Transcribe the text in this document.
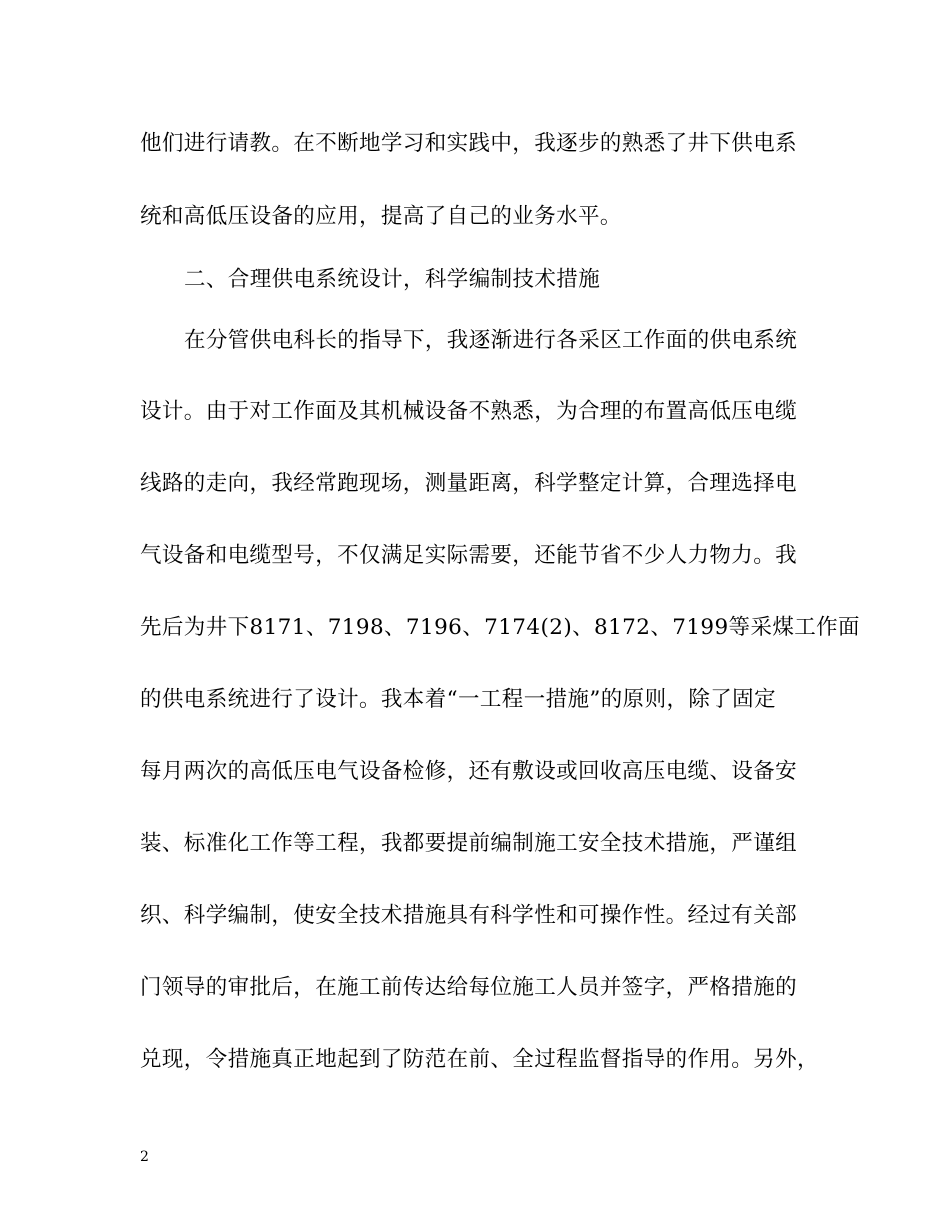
他们进行请教。在不断地学习和实践中，我逐步的熟悉了井下供电系
统和高低压设备的应用，提高了自己的业务水平。
二、合理供电系统设计，科学编制技术措施
在分管供电科长的指导下，我逐渐进行各采区工作面的供电系统
设计。由于对工作面及其机械设备不熟悉，为合理的布置高低压电缆
线路的走向，我经常跑现场，测量距离，科学整定计算，合理选择电
气设备和电缆型号，不仅满足实际需要，还能节省不少人力物力。我
先后为井下8171、7198、7196、7174(2)、8172、7199等采煤工作面
的供电系统进行了设计。我本着“一工程一措施”的原则，除了固定
每月两次的高低压电气设备检修，还有敷设或回收高压电缆、设备安
装、标准化工作等工程，我都要提前编制施工安全技术措施，严谨组
织、科学编制，使安全技术措施具有科学性和可操作性。经过有关部
门领导的审批后，在施工前传达给每位施工人员并签字，严格措施的
兑现，令措施真正地起到了防范在前、全过程监督指导的作用。另外，
2
